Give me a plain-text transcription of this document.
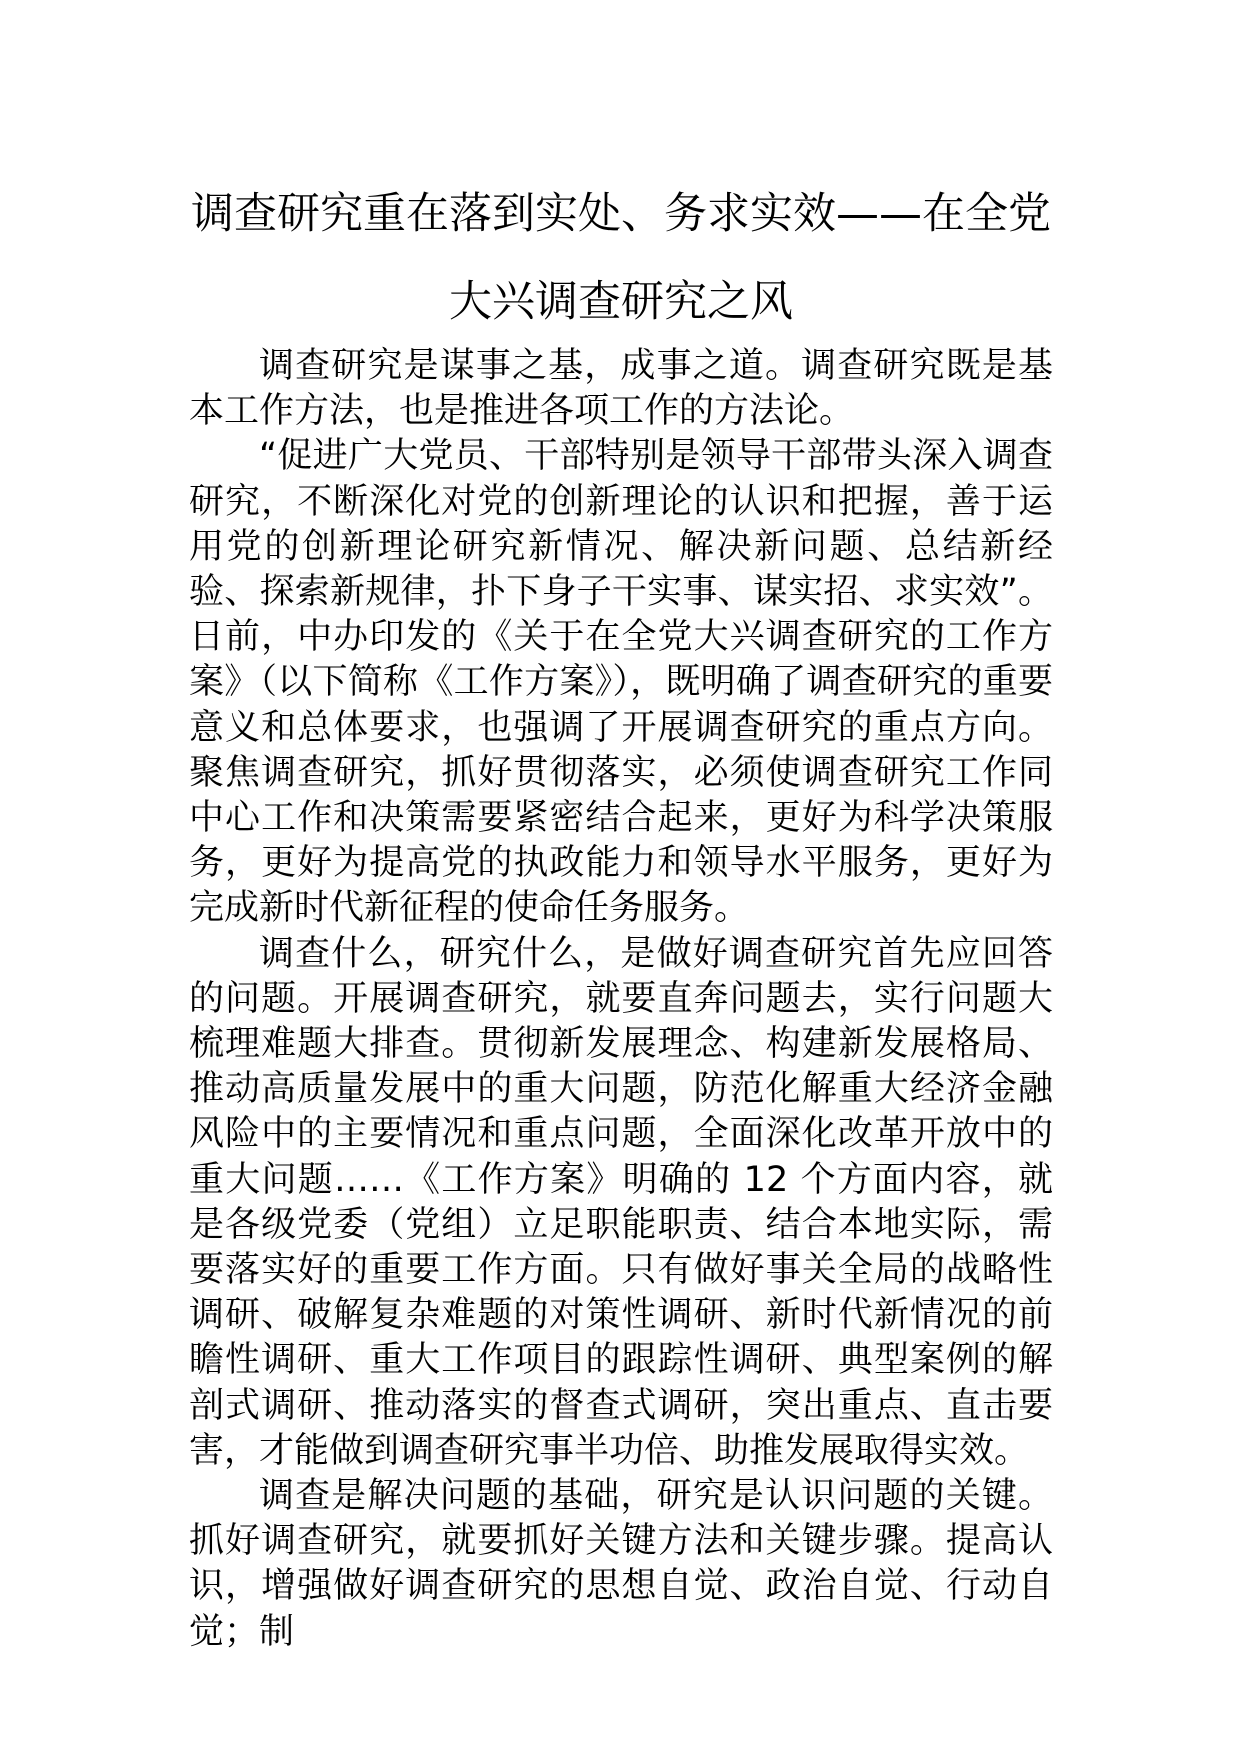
调查研究重在落到实处、务求实效——在全党大兴调查研究之风

调查研究是谋事之基，成事之道。调查研究既是基本工作方法，也是推进各项工作的方法论。

“促进广大党员、干部特别是领导干部带头深入调查研究，不断深化对党的创新理论的认识和把握，善于运用党的创新理论研究新情况、解决新问题、总结新经验、探索新规律，扑下身子干实事、谋实招、求实效”。日前，中办印发的《关于在全党大兴调查研究的工作方案》（以下简称《工作方案》），既明确了调查研究的重要意义和总体要求，也强调了开展调查研究的重点方向。聚焦调查研究，抓好贯彻落实，必须使调查研究工作同中心工作和决策需要紧密结合起来，更好为科学决策服务，更好为提高党的执政能力和领导水平服务，更好为完成新时代新征程的使命任务服务。

调查什么，研究什么，是做好调查研究首先应回答的问题。开展调查研究，就要直奔问题去，实行问题大梳理难题大排查。贯彻新发展理念、构建新发展格局、推动高质量发展中的重大问题，防范化解重大经济金融风险中的主要情况和重点问题，全面深化改革开放中的重大问题……《工作方案》明确的 12 个方面内容，就是各级党委（党组）立足职能职责、结合本地实际，需要落实好的重要工作方面。只有做好事关全局的战略性调研、破解复杂难题的对策性调研、新时代新情况的前瞻性调研、重大工作项目的跟踪性调研、典型案例的解剖式调研、推动落实的督查式调研，突出重点、直击要害，才能做到调查研究事半功倍、助推发展取得实效。

调查是解决问题的基础，研究是认识问题的关键。抓好调查研究，就要抓好关键方法和关键步骤。提高认识，增强做好调查研究的思想自觉、政治自觉、行动自觉；制
